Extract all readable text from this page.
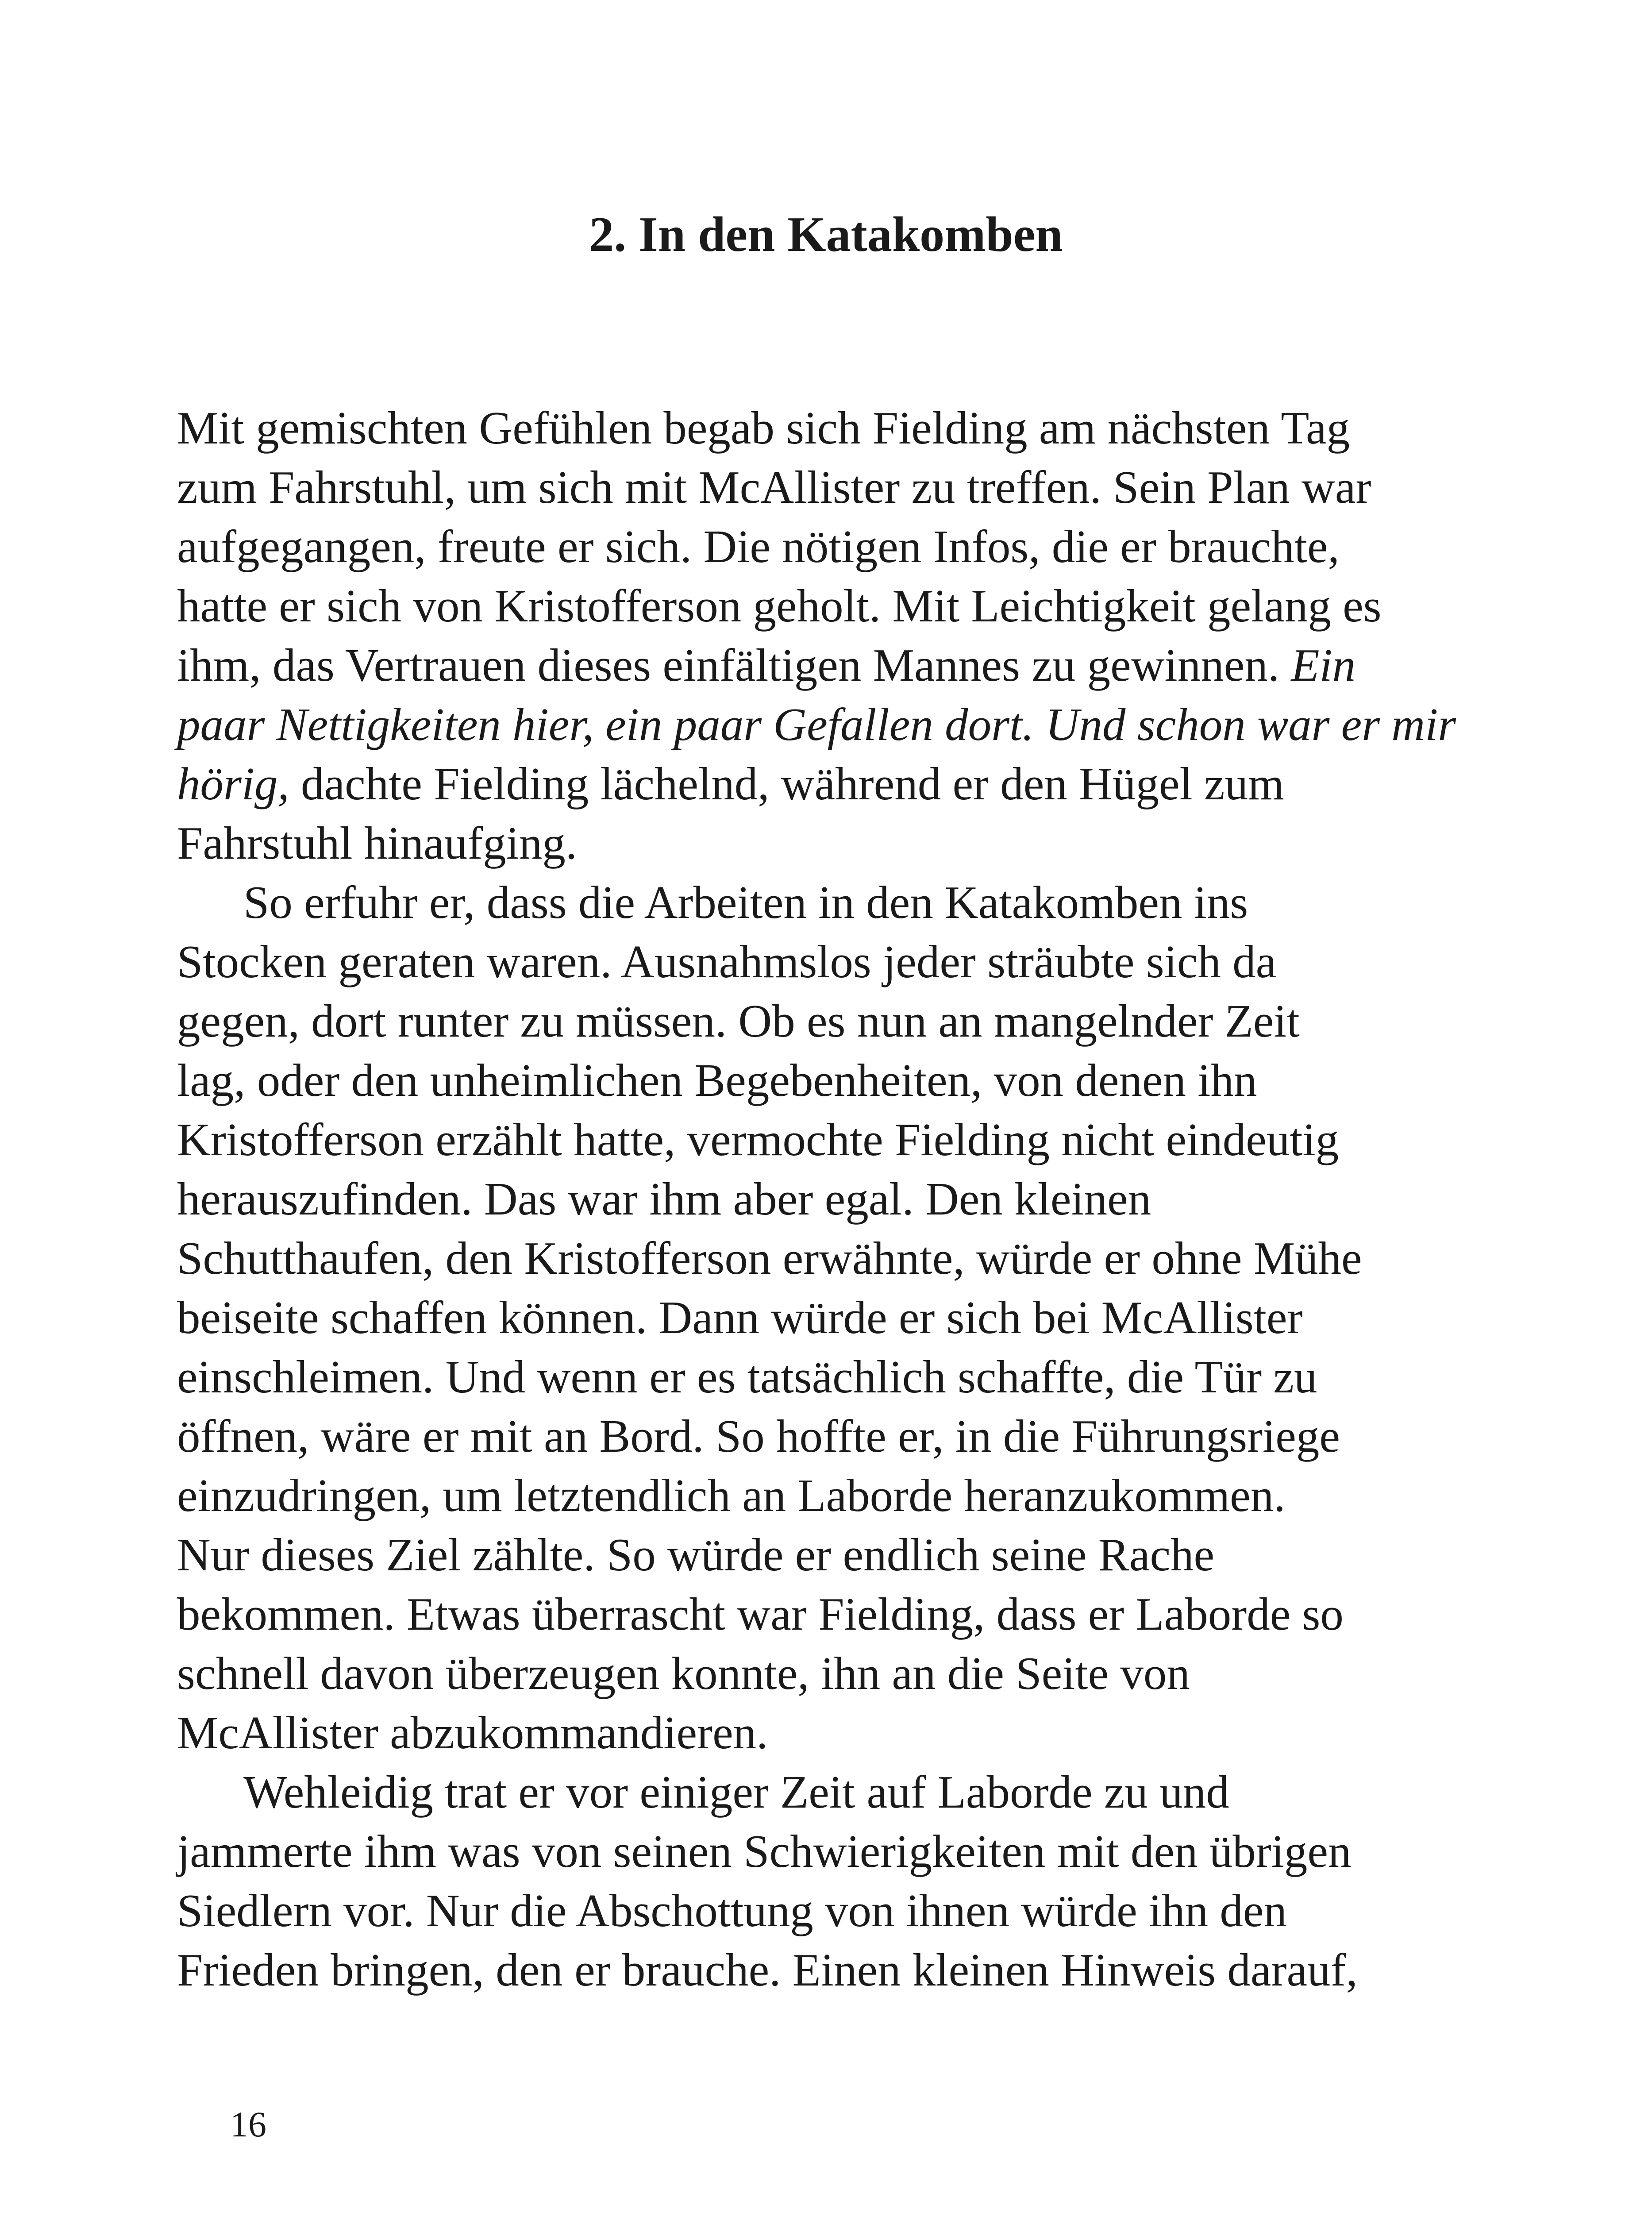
2. In den Katakomben
Mit gemischten Gefühlen begab sich Fielding am nächsten Tag
zum Fahrstuhl, um sich mit McAllister zu treffen. Sein Plan war
aufgegangen, freute er sich. Die nötigen Infos, die er brauchte,
hatte er sich von Kristofferson geholt. Mit Leichtigkeit gelang es
ihm, das Vertrauen dieses einfältigen Mannes zu gewinnen. Ein
paar Nettigkeiten hier, ein paar Gefallen dort. Und schon war er mir
hörig, dachte Fielding lächelnd, während er den Hügel zum
Fahrstuhl hinaufging.
So erfuhr er, dass die Arbeiten in den Katakomben ins
Stocken geraten waren. Ausnahmslos jeder sträubte sich da
gegen, dort runter zu müssen. Ob es nun an mangelnder Zeit
lag, oder den unheimlichen Begebenheiten, von denen ihn
Kristofferson erzählt hatte, vermochte Fielding nicht eindeutig
herauszufinden. Das war ihm aber egal. Den kleinen
Schutthaufen, den Kristofferson erwähnte, würde er ohne Mühe
beiseite schaffen können. Dann würde er sich bei McAllister
einschleimen. Und wenn er es tatsächlich schaffte, die Tür zu
öffnen, wäre er mit an Bord. So hoffte er, in die Führungsriege
einzudringen, um letztendlich an Laborde heranzukommen.
Nur dieses Ziel zählte. So würde er endlich seine Rache
bekommen. Etwas überrascht war Fielding, dass er Laborde so
schnell davon überzeugen konnte, ihn an die Seite von
McAllister abzukommandieren.
Wehleidig trat er vor einiger Zeit auf Laborde zu und
jammerte ihm was von seinen Schwierigkeiten mit den übrigen
Siedlern vor. Nur die Abschottung von ihnen würde ihn den
Frieden bringen, den er brauche. Einen kleinen Hinweis darauf,
16
